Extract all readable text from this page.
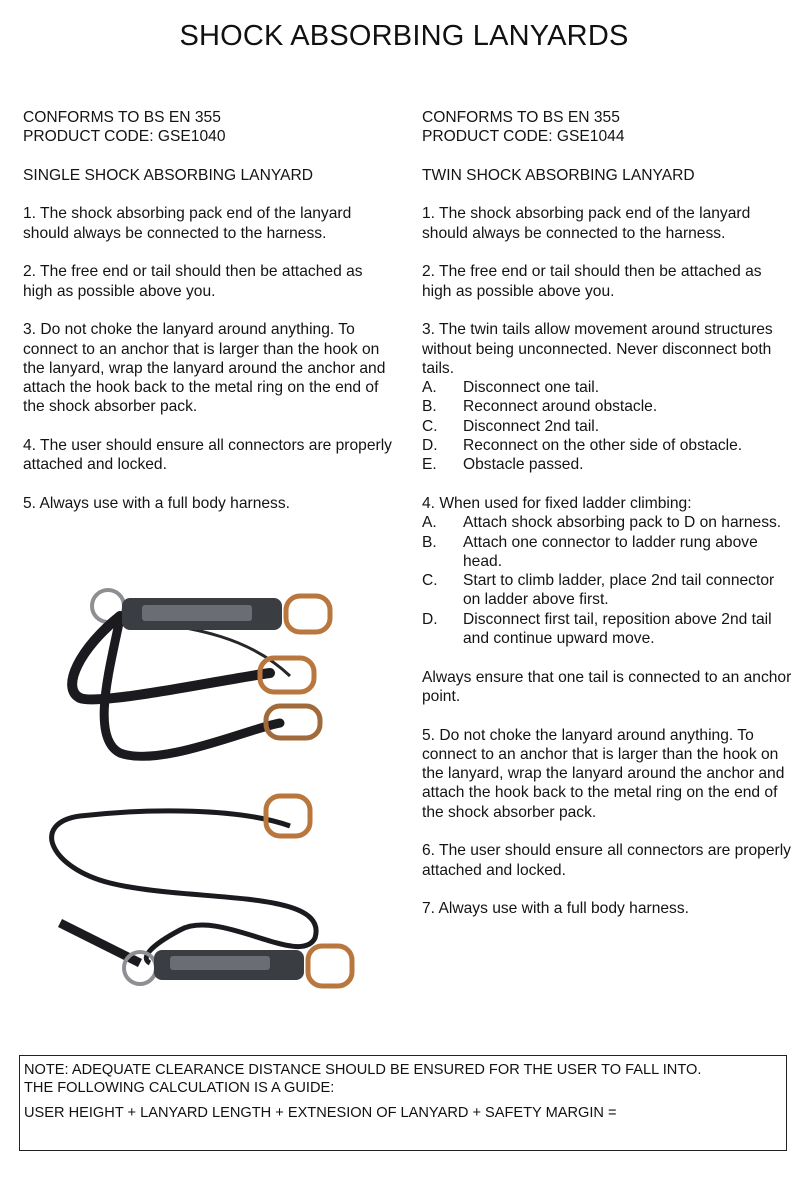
SHOCK ABSORBING LANYARDS

CONFORMS TO BS EN 355

PRODUCT CODE: GSE1040

SINGLE SHOCK ABSORBING LANYARD

1. The shock absorbing pack end of the lanyard should always be connected to the harness.

2. The free end or tail should then be attached as high as possible above you.

3. Do not choke the lanyard around anything. To connect to an anchor that is larger than the hook on the lanyard, wrap the lanyard around the anchor and attach the hook back to the metal ring on the end of the shock absorber pack.

4. The user should ensure all connectors are properly attached and locked.

5. Always use with a full body harness.

CONFORMS TO BS EN 355

PRODUCT CODE: GSE1044

TWIN SHOCK ABSORBING LANYARD

1. The shock absorbing pack end of the lanyard should always be connected to the harness.

2. The free end or tail should then be attached as high as possible above you.

3. The twin tails allow movement around structures without being unconnected. Never disconnect both tails.

A.	Disconnect one tail.
B.	Reconnect around obstacle.
C.	Disconnect 2nd tail.
D.	Reconnect on the other side of obstacle.
E.	Obstacle passed.

4. When used for fixed ladder climbing:

A.	Attach shock absorbing pack to D on harness.
B.	Attach one connector to ladder rung above head.
C.	Start to climb ladder, place 2nd tail connector on ladder above first.
D.	Disconnect first tail, reposition above 2nd tail and continue upward move.

Always ensure that one tail is connected to an anchor point.

5. Do not choke the lanyard around anything. To connect to an anchor that is larger than the hook on the lanyard, wrap the lanyard around the anchor and attach the hook back to the metal ring on the end of the shock absorber pack.

6. The user should ensure all connectors are properly attached and locked.

7. Always use with a full body harness.

NOTE: ADEQUATE CLEARANCE DISTANCE SHOULD BE ENSURED FOR THE USER TO FALL INTO.

THE FOLLOWING CALCULATION IS A GUIDE:

USER HEIGHT + LANYARD LENGTH + EXTNESION OF LANYARD + SAFETY MARGIN =
